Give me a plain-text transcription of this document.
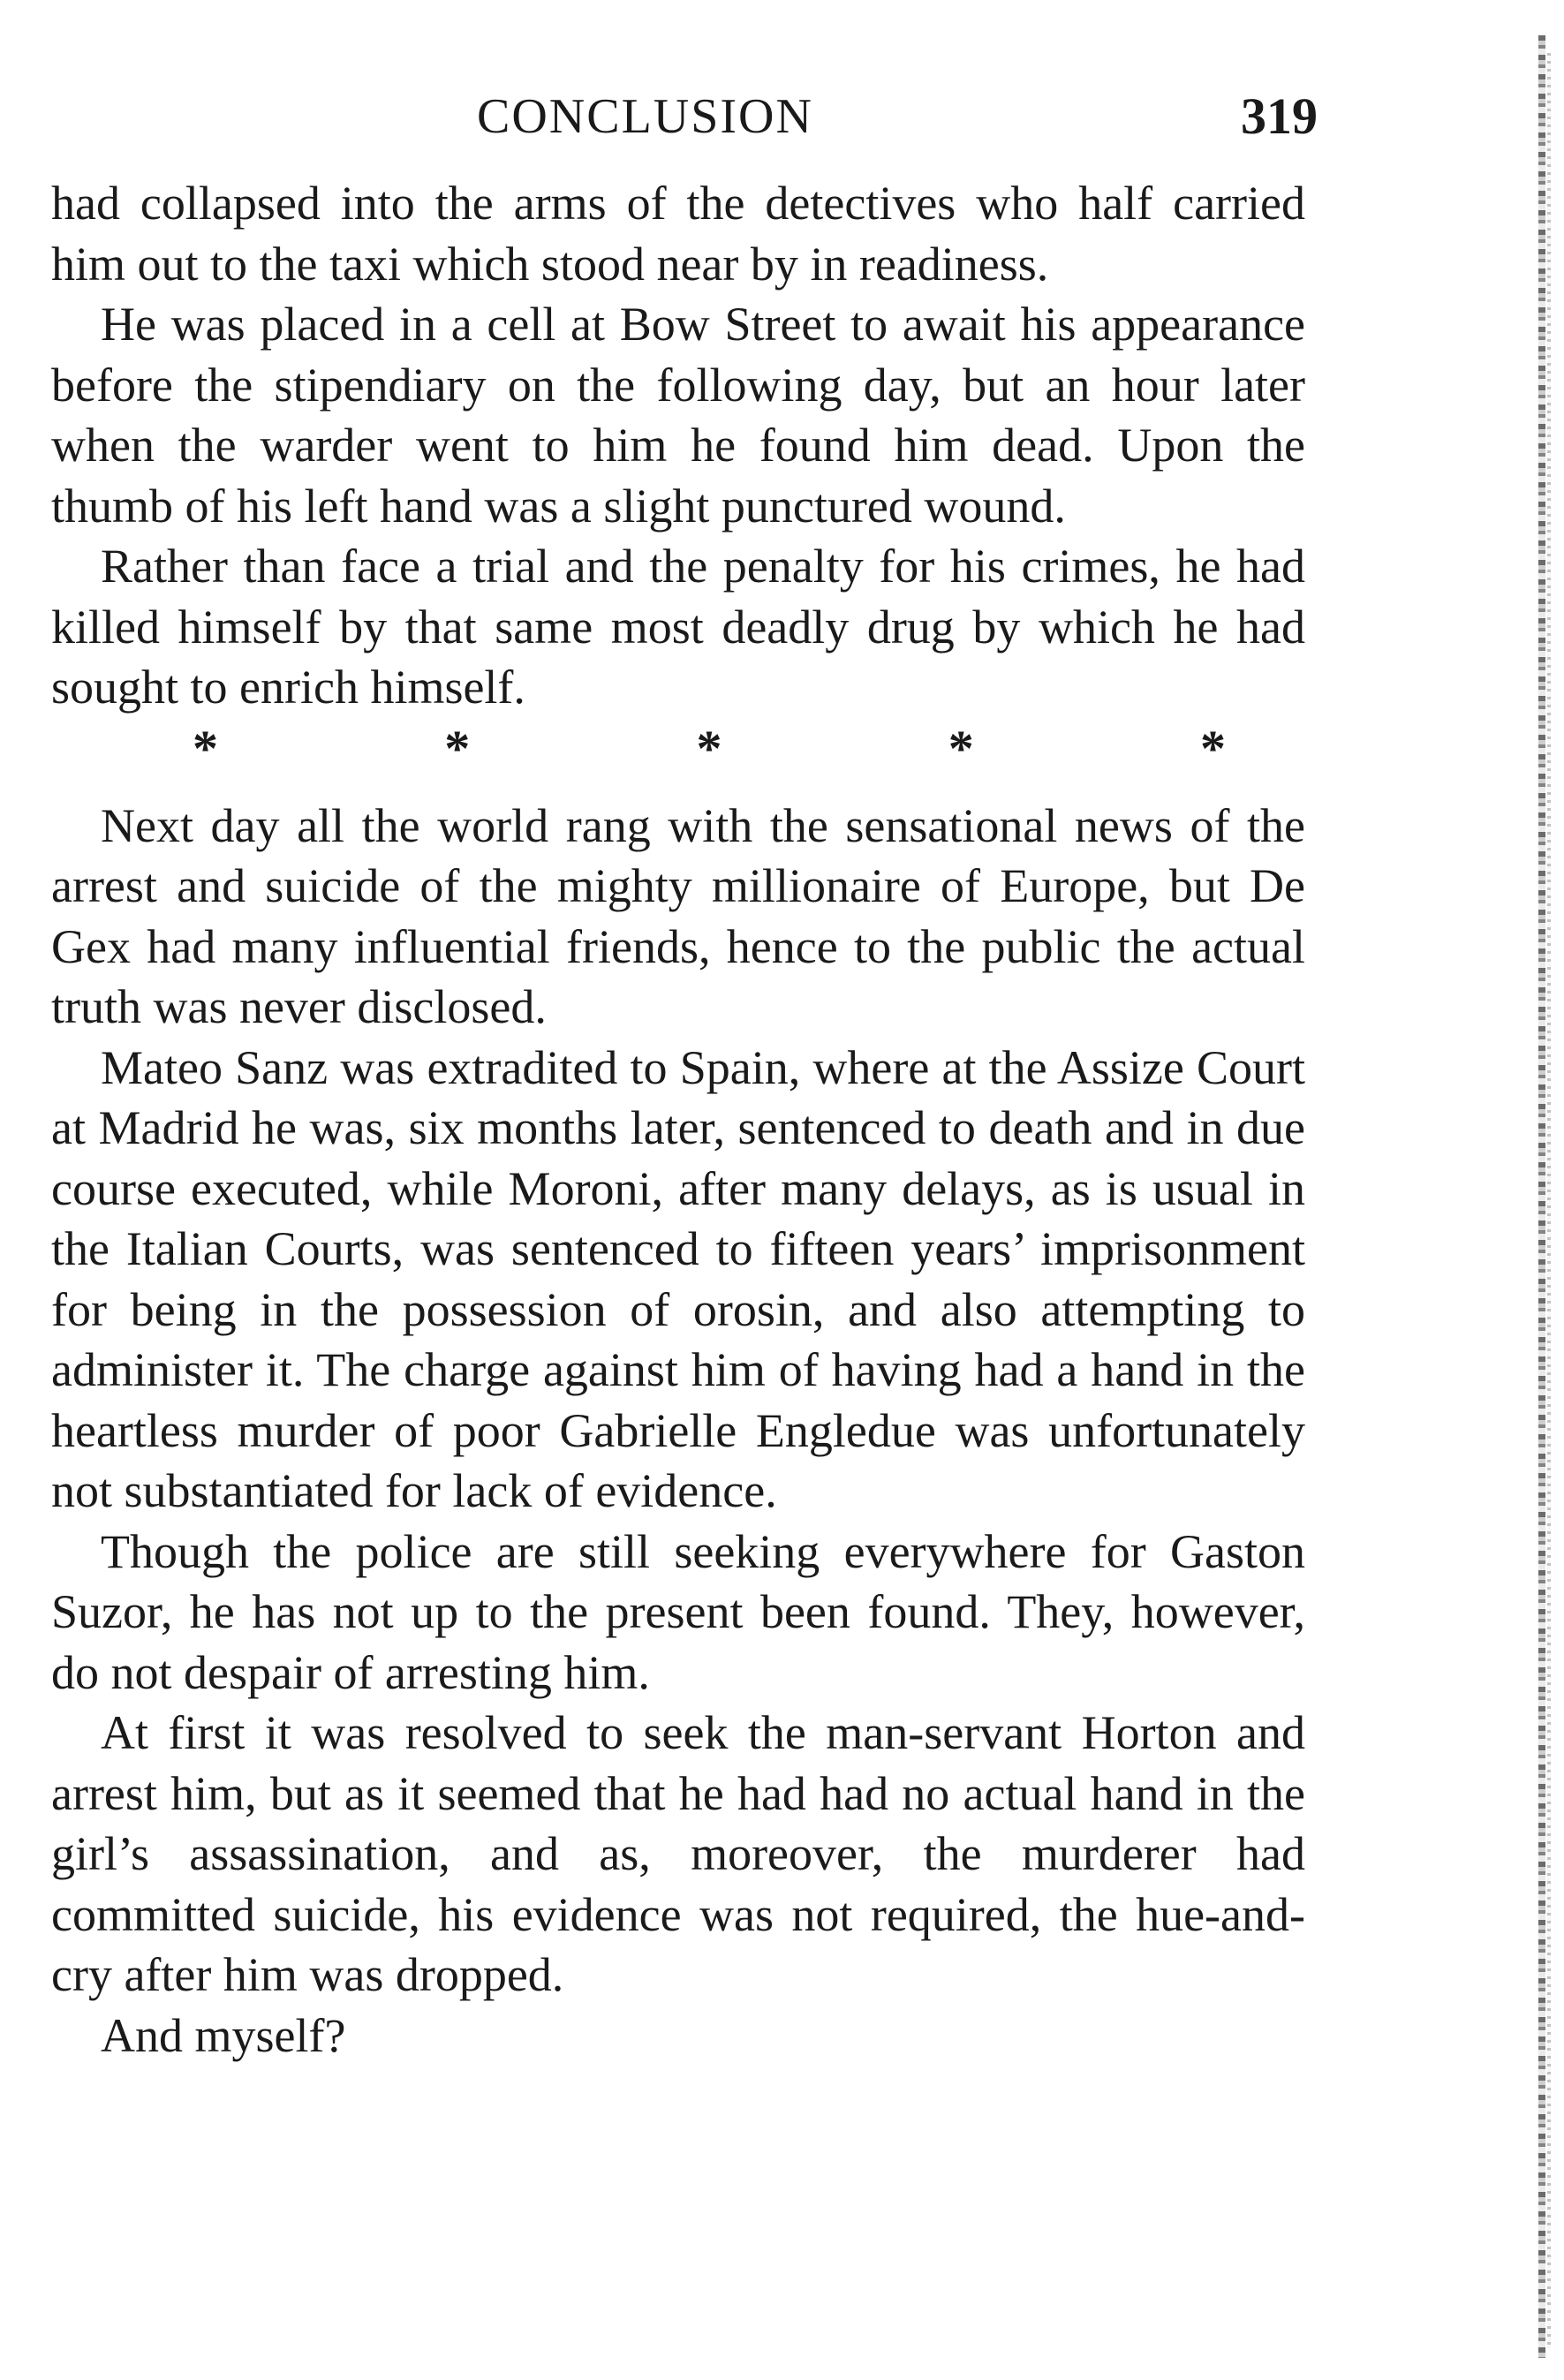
CONCLUSION	319

had collapsed into the arms of the detectives who half carried him out to the taxi which stood near by in readiness.

He was placed in a cell at Bow Street to await his appearance before the stipendiary on the following day, but an hour later when the warder went to him he found him dead. Upon the thumb of his left hand was a slight punctured wound.

Rather than face a trial and the penalty for his crimes, he had killed himself by that same most deadly drug by which he had sought to enrich himself.

*	*	*	*	*

Next day all the world rang with the sensational news of the arrest and suicide of the mighty millionaire of Europe, but De Gex had many influential friends, hence to the public the actual truth was never disclosed.

Mateo Sanz was extradited to Spain, where at the Assize Court at Madrid he was, six months later, sentenced to death and in due course executed, while Moroni, after many delays, as is usual in the Italian Courts, was sentenced to fifteen years’ imprisonment for being in the possession of orosin, and also attempting to administer it. The charge against him of having had a hand in the heartless murder of poor Gabrielle Engledue was unfortunately not substantiated for lack of evidence.

Though the police are still seeking everywhere for Gaston Suzor, he has not up to the present been found. They, however, do not despair of arresting him.

At first it was resolved to seek the man-servant Horton and arrest him, but as it seemed that he had had no actual hand in the girl’s assassination, and as, moreover, the murderer had committed suicide, his evidence was not required, the hue-and-cry after him was dropped.

And myself?
